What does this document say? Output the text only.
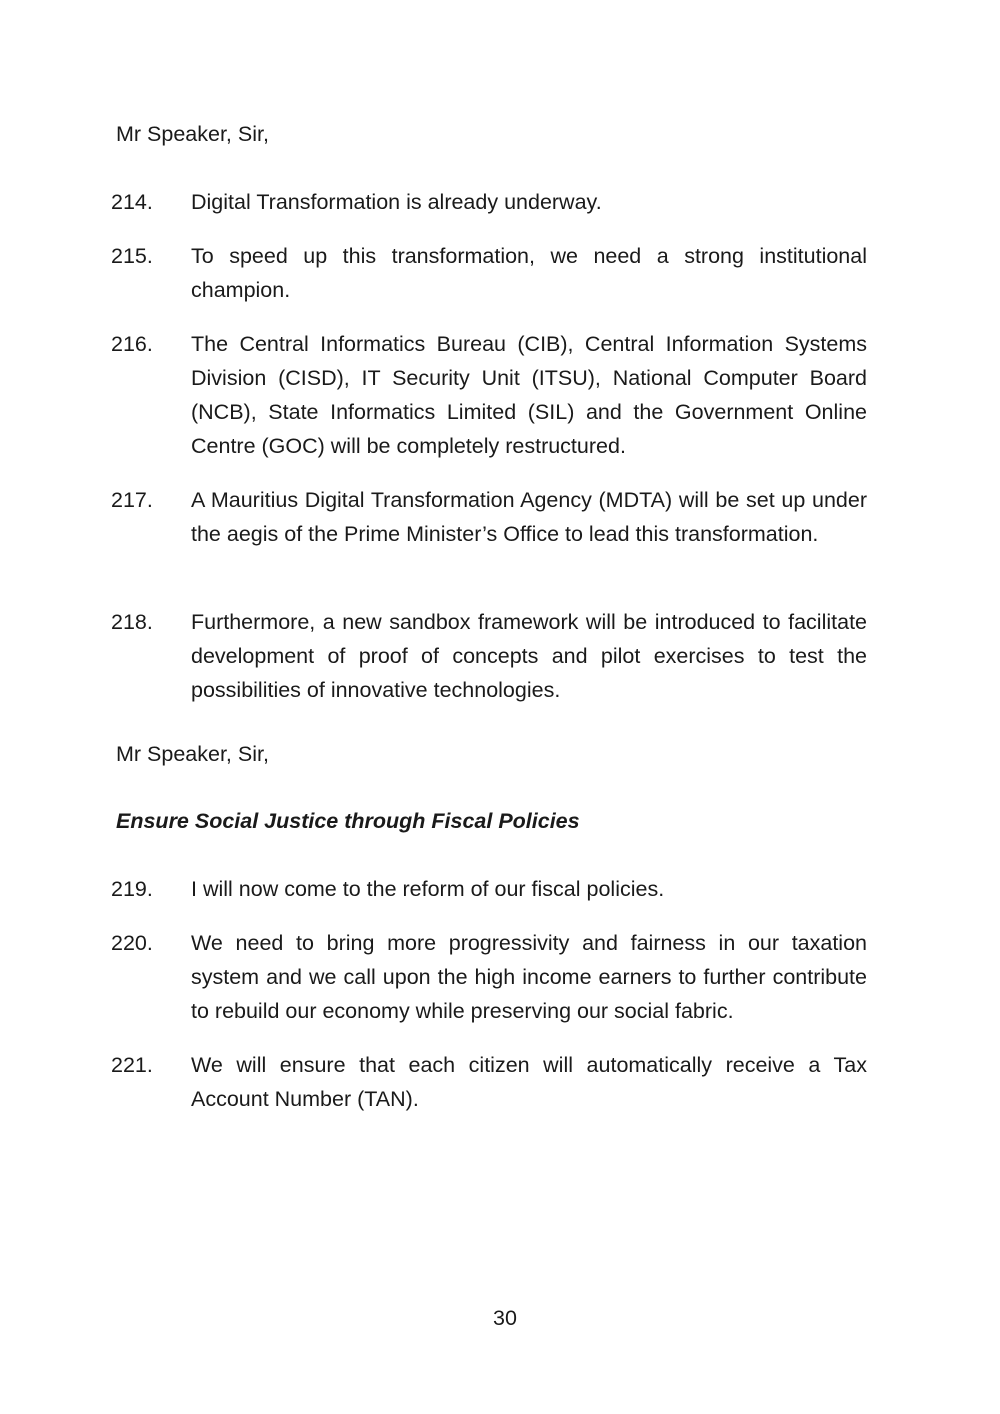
Mr Speaker, Sir,
214.	Digital Transformation is already underway.
215.	To speed up this transformation, we need a strong institutional champion.
216.	The Central Informatics Bureau (CIB), Central Information Systems Division (CISD), IT Security Unit (ITSU), National Computer Board (NCB), State Informatics Limited (SIL) and the Government Online Centre (GOC) will be completely restructured.
217.	A Mauritius Digital Transformation Agency (MDTA) will be set up under the aegis of the Prime Minister’s Office to lead this transformation.
218.	Furthermore, a new sandbox framework will be introduced to facilitate development of proof of concepts and pilot exercises to test the possibilities of innovative technologies.
Mr Speaker, Sir,
Ensure Social Justice through Fiscal Policies
219.	I will now come to the reform of our fiscal policies.
220.	We need to bring more progressivity and fairness in our taxation system and we call upon the high income earners to further contribute to rebuild our economy while preserving our social fabric.
221.	We will ensure that each citizen will automatically receive a Tax Account Number (TAN).
30
